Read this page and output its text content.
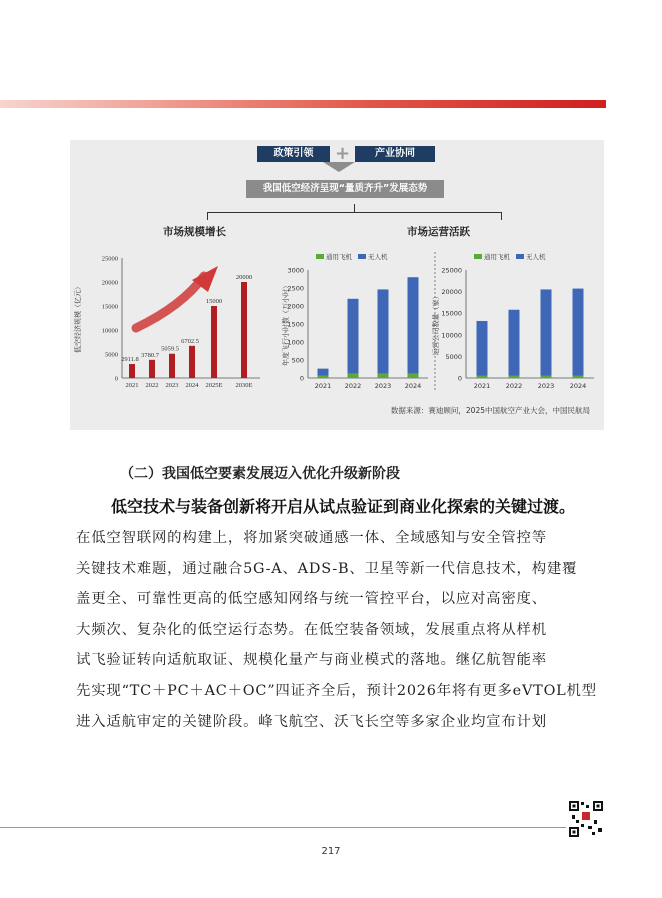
政策引领	+	产业协同
我国低空经济呈现“量质齐升”发展态势
市场规模增长	市场运营活跃
0
5000
10000
15000
20000
25000
低空经济规模（亿元）
2021
2911.8
2022
3780.7
2023
5059.5
2024
6702.5
2025E
15000
2030E
20000
通用飞机 无人机
0
500
1000
1500
2000
2500
3000
年度飞行小时数（万小时）
2021 2022 2023 2024
通用飞机 无人机
0
5000
10000
15000
20000
25000
运营公司数量（家）
2021 2022 2023 2024
数据来源：赛迪顾问，2025中国航空产业大会，中国民航局
（二）我国低空要素发展迈入优化升级新阶段
低空技术与装备创新将开启从试点验证到商业化探索的关键过渡。
在低空智联网的构建上，将加紧突破通感一体、全域感知与安全管控等
关键技术难题，通过融合5G-A、ADS-B、卫星等新一代信息技术，构建覆
盖更全、可靠性更高的低空感知网络与统一管控平台，以应对高密度、
大频次、复杂化的低空运行态势。在低空装备领域，发展重点将从样机
试飞验证转向适航取证、规模化量产与商业模式的落地。继亿航智能率
先实现“TC＋PC＋AC＋OC”四证齐全后，预计2026年将有更多eVTOL机型
进入适航审定的关键阶段。峰飞航空、沃飞长空等多家企业均宣布计划
217
